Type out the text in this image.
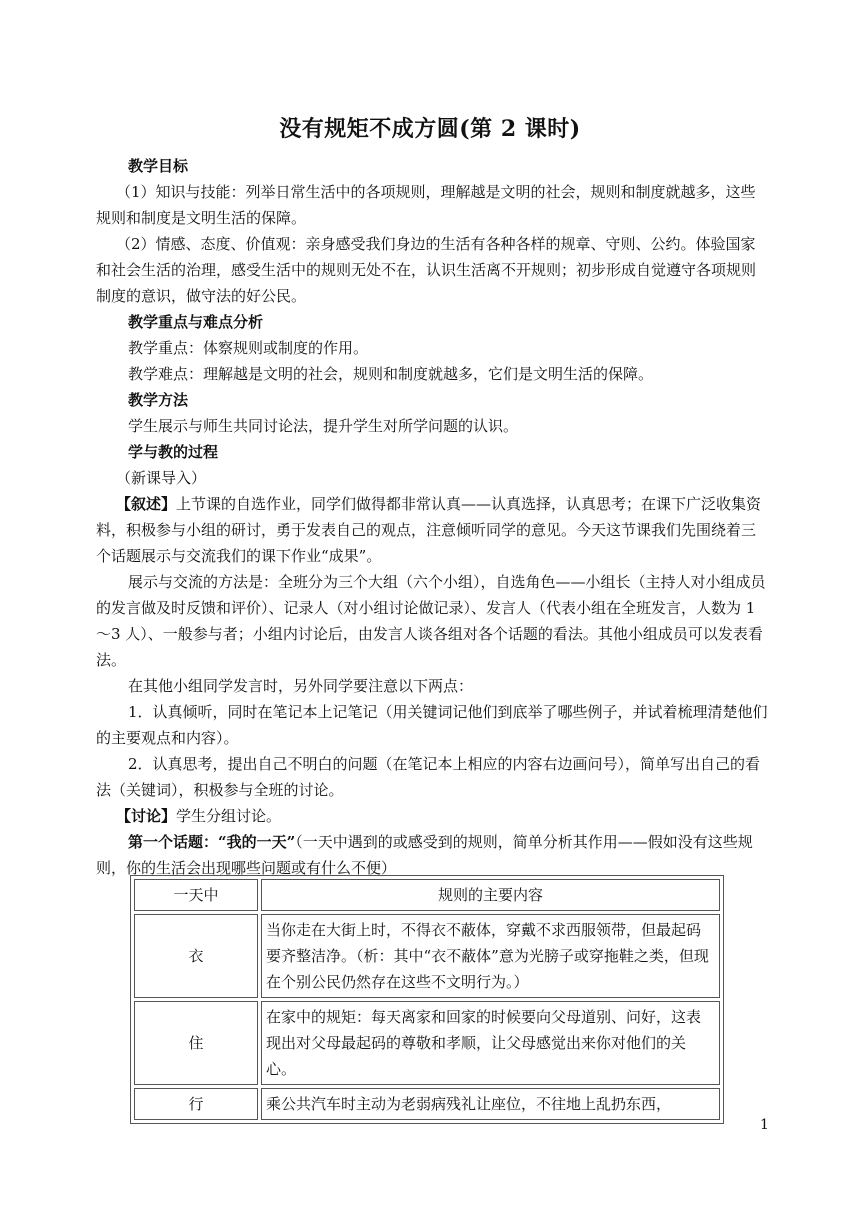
没有规矩不成方圆(第 2 课时)

教学目标

（1）知识与技能：列举日常生活中的各项规则，理解越是文明的社会，规则和制度就越多，这些规则和制度是文明生活的保障。

（2）情感、态度、价值观：亲身感受我们身边的生活有各种各样的规章、守则、公约。体验国家和社会生活的治理，感受生活中的规则无处不在，认识生活离不开规则；初步形成自觉遵守各项规则制度的意识，做守法的好公民。

教学重点与难点分析

教学重点：体察规则或制度的作用。

教学难点：理解越是文明的社会，规则和制度就越多，它们是文明生活的保障。

教学方法

学生展示与师生共同讨论法，提升学生对所学问题的认识。

学与教的过程

（新课导入）

【叙述】上节课的自选作业，同学们做得都非常认真——认真选择，认真思考；在课下广泛收集资料，积极参与小组的研讨，勇于发表自己的观点，注意倾听同学的意见。今天这节课我们先围绕着三个话题展示与交流我们的课下作业“成果”。

展示与交流的方法是：全班分为三个大组（六个小组），自选角色——小组长（主持人对小组成员的发言做及时反馈和评价）、记录人（对小组讨论做记录）、发言人（代表小组在全班发言，人数为 1～3 人）、一般参与者；小组内讨论后，由发言人谈各组对各个话题的看法。其他小组成员可以发表看法。

在其他小组同学发言时，另外同学要注意以下两点：

1．认真倾听，同时在笔记本上记笔记（用关键词记他们到底举了哪些例子，并试着梳理清楚他们的主要观点和内容）。

2．认真思考，提出自己不明白的问题（在笔记本上相应的内容右边画问号），简单写出自己的看法（关键词），积极参与全班的讨论。

【讨论】学生分组讨论。

第一个话题：“我的一天”（一天中遇到的或感受到的规则，简单分析其作用——假如没有这些规则，你的生活会出现哪些问题或有什么不便）

一天中	规则的主要内容
衣	当你走在大街上时，不得衣不蔽体，穿戴不求西服领带，但最起码要齐整洁净。（析：其中“衣不蔽体”意为光膀子或穿拖鞋之类，但现在个别公民仍然存在这些不文明行为。）
住	在家中的规矩：每天离家和回家的时候要向父母道别、问好，这表现出对父母最起码的尊敬和孝顺，让父母感觉出来你对他们的关心。
行	乘公共汽车时主动为老弱病残礼让座位，不往地上乱扔东西，
1
